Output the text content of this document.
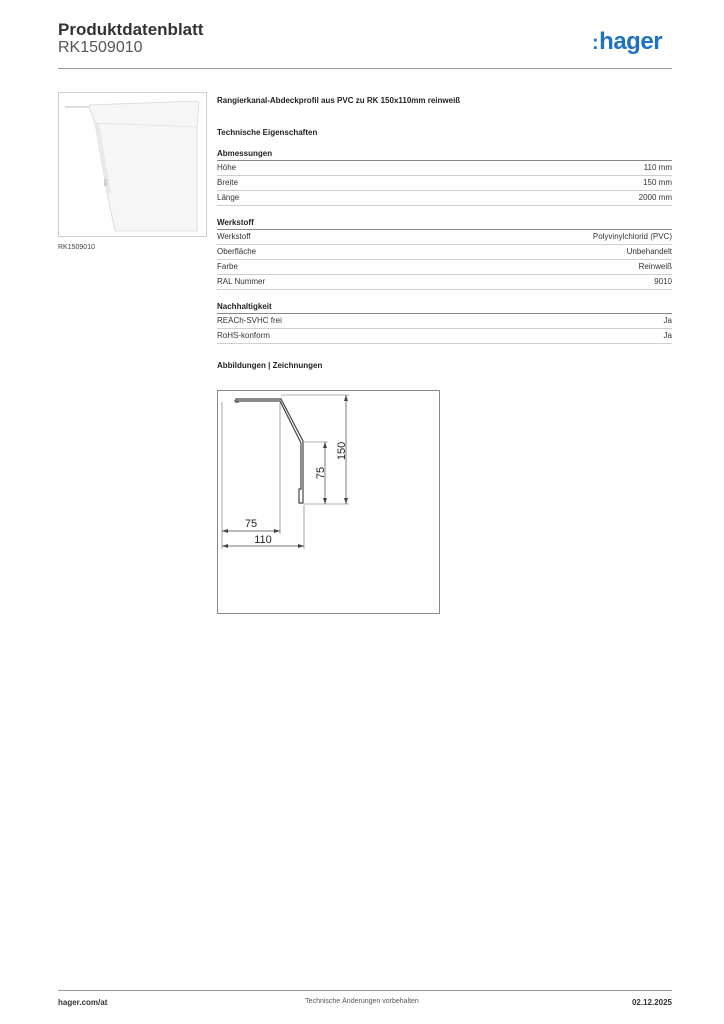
Produktdatenblatt
RK1509010	:hager
RK1509010
Rangierkanal-Abdeckprofil aus PVC zu RK 150x110mm reinweiß
Technische Eigenschaften
Abmessungen
Höhe	110 mm
Breite	150 mm
Länge	2000 mm
Werkstoff
Werkstoff	Polyvinylchlorid (PVC)
Oberfläche	Unbehandelt
Farbe	Reinweiß
RAL Nummer	9010
Nachhaltigkeit
REACh-SVHC frei	Ja
RoHS-konform	Ja
Abbildungen | Zeichnungen
150
75
75
110
hager.com/at	Technische Änderungen vorbehalten	02.12.2025
